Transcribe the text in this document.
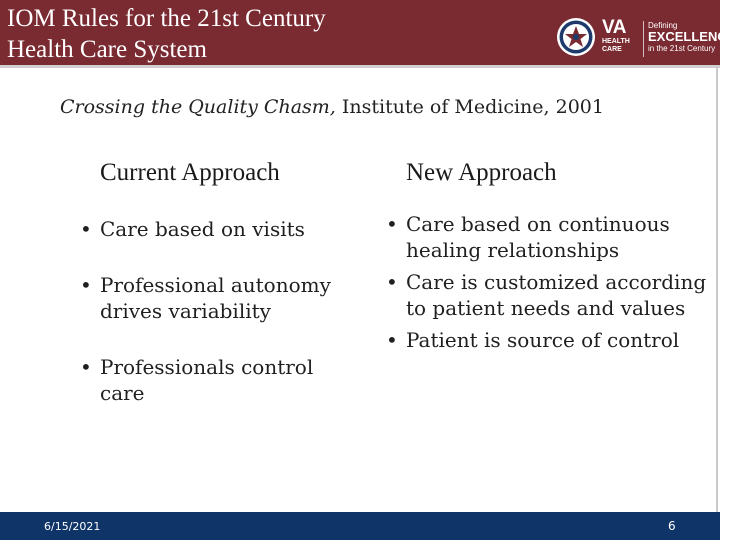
IOM Rules for the 21st Century
Health Care System
VA
HEALTH
CARE
Defining
EXCELLENCE
in the 21st Century
Crossing the Quality Chasm, Institute of Medicine, 2001
Current Approach	New Approach
• Care based on visits
• Professional autonomy drives variability
• Professionals control care
• Care based on continuous healing relationships
• Care is customized according to patient needs and values
• Patient is source of control
6/15/2021	6
